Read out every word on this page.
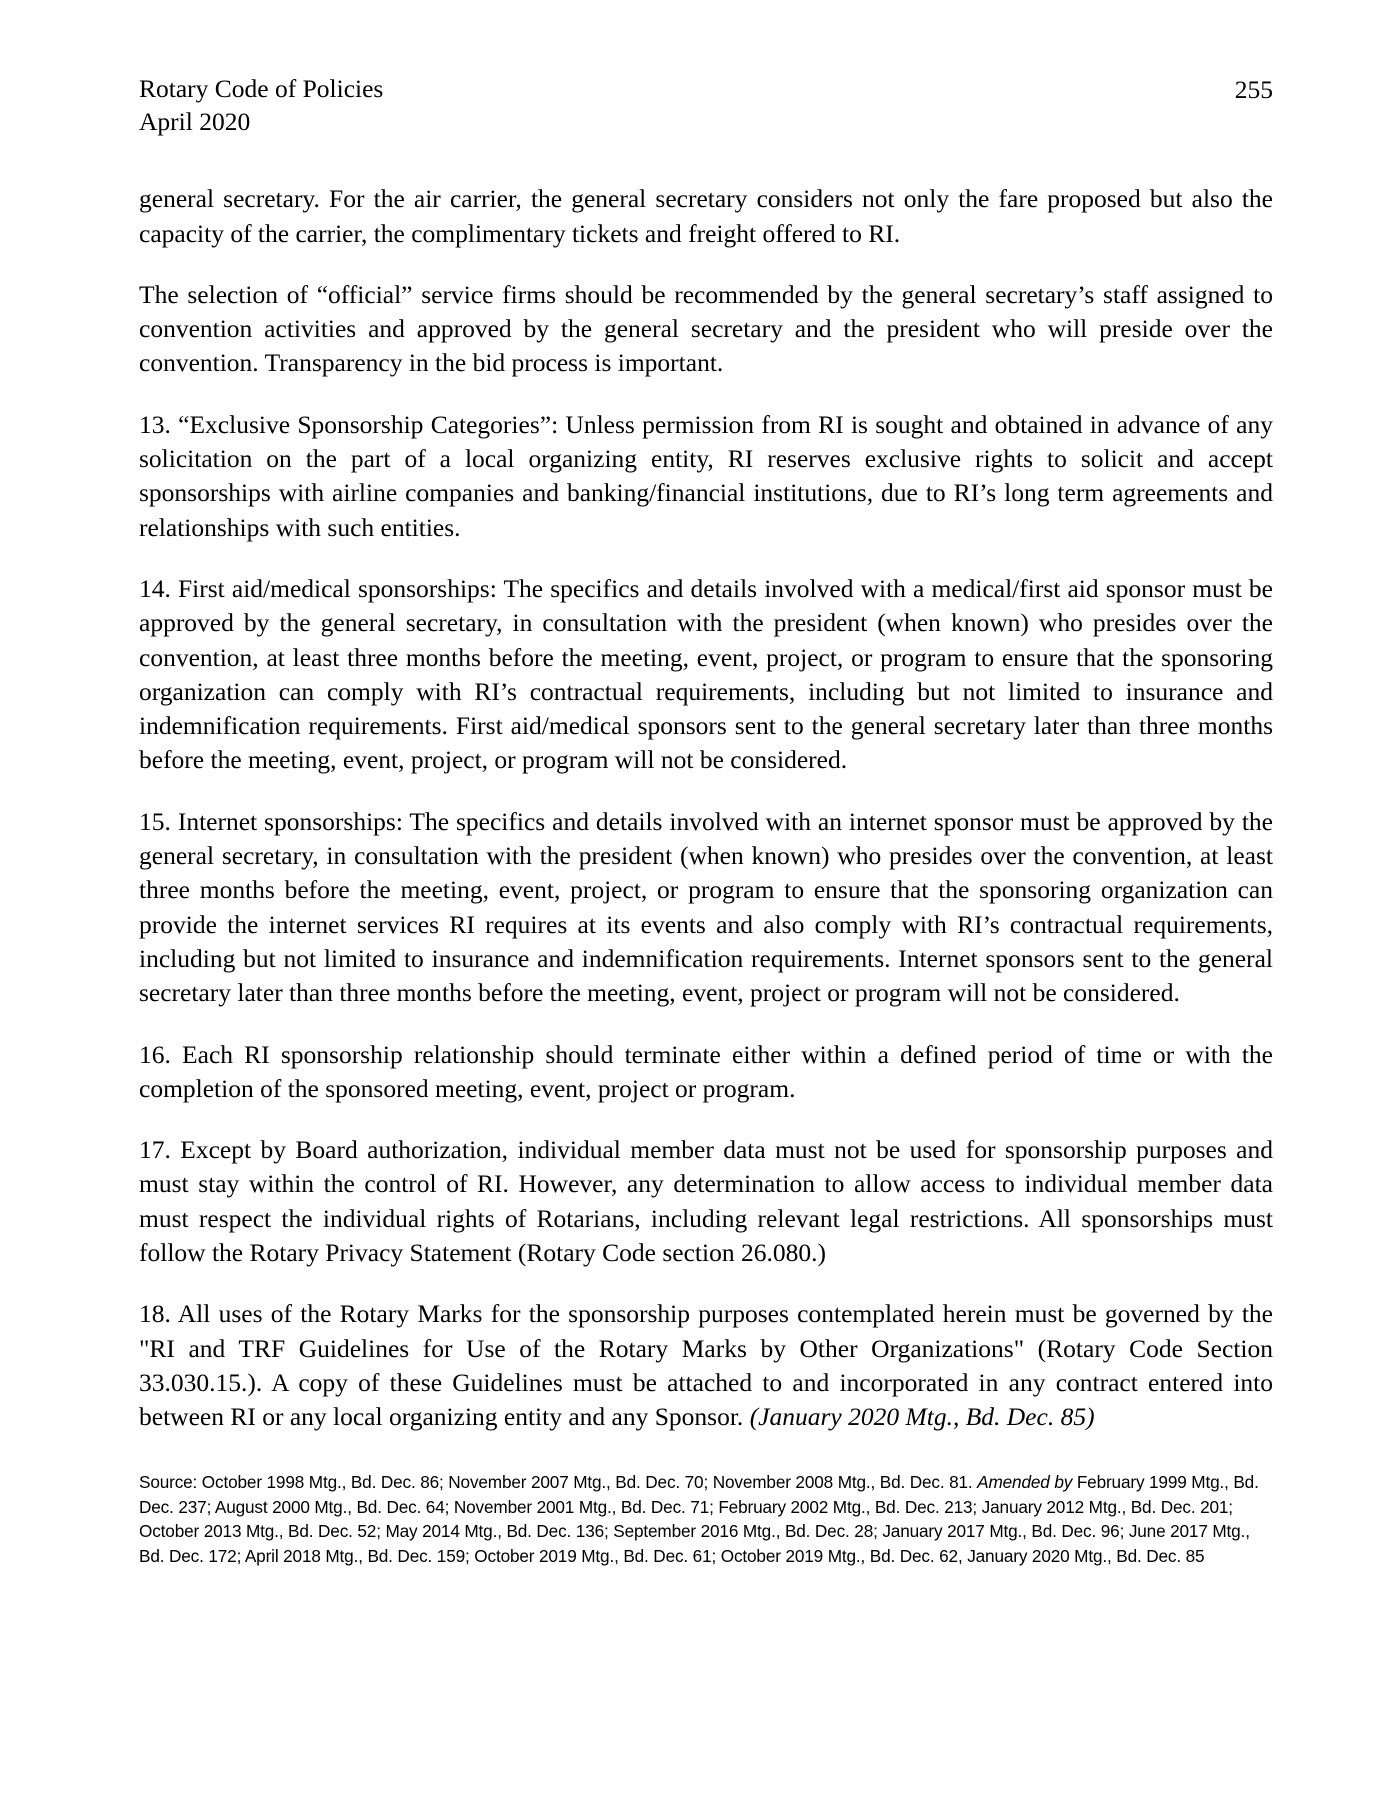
Rotary Code of Policies
April 2020
255

general secretary. For the air carrier, the general secretary considers not only the fare proposed but also the capacity of the carrier, the complimentary tickets and freight offered to RI.

The selection of “official” service firms should be recommended by the general secretary’s staff assigned to convention activities and approved by the general secretary and the president who will preside over the convention. Transparency in the bid process is important.

13. “Exclusive Sponsorship Categories”: Unless permission from RI is sought and obtained in advance of any solicitation on the part of a local organizing entity, RI reserves exclusive rights to solicit and accept sponsorships with airline companies and banking/financial institutions, due to RI’s long term agreements and relationships with such entities.

14. First aid/medical sponsorships: The specifics and details involved with a medical/first aid sponsor must be approved by the general secretary, in consultation with the president (when known) who presides over the convention, at least three months before the meeting, event, project, or program to ensure that the sponsoring organization can comply with RI’s contractual requirements, including but not limited to insurance and indemnification requirements. First aid/medical sponsors sent to the general secretary later than three months before the meeting, event, project, or program will not be considered.

15. Internet sponsorships: The specifics and details involved with an internet sponsor must be approved by the general secretary, in consultation with the president (when known) who presides over the convention, at least three months before the meeting, event, project, or program to ensure that the sponsoring organization can provide the internet services RI requires at its events and also comply with RI’s contractual requirements, including but not limited to insurance and indemnification requirements. Internet sponsors sent to the general secretary later than three months before the meeting, event, project or program will not be considered.

16. Each RI sponsorship relationship should terminate either within a defined period of time or with the completion of the sponsored meeting, event, project or program.

17. Except by Board authorization, individual member data must not be used for sponsorship purposes and must stay within the control of RI. However, any determination to allow access to individual member data must respect the individual rights of Rotarians, including relevant legal restrictions. All sponsorships must follow the Rotary Privacy Statement (Rotary Code section 26.080.)

18. All uses of the Rotary Marks for the sponsorship purposes contemplated herein must be governed by the "RI and TRF Guidelines for Use of the Rotary Marks by Other Organizations" (Rotary Code Section 33.030.15.). A copy of these Guidelines must be attached to and incorporated in any contract entered into between RI or any local organizing entity and any Sponsor. (January 2020 Mtg., Bd. Dec. 85)

Source: October 1998 Mtg., Bd. Dec. 86; November 2007 Mtg., Bd. Dec. 70; November 2008 Mtg., Bd. Dec. 81. Amended by February 1999 Mtg., Bd. Dec. 237; August 2000 Mtg., Bd. Dec. 64; November 2001 Mtg., Bd. Dec. 71; February 2002 Mtg., Bd. Dec. 213; January 2012 Mtg., Bd. Dec. 201; October 2013 Mtg., Bd. Dec. 52; May 2014 Mtg., Bd. Dec. 136; September 2016 Mtg., Bd. Dec. 28; January 2017 Mtg., Bd. Dec. 96; June 2017 Mtg., Bd. Dec. 172; April 2018 Mtg., Bd. Dec. 159; October 2019 Mtg., Bd. Dec. 61; October 2019 Mtg., Bd. Dec. 62, January 2020 Mtg., Bd. Dec. 85
